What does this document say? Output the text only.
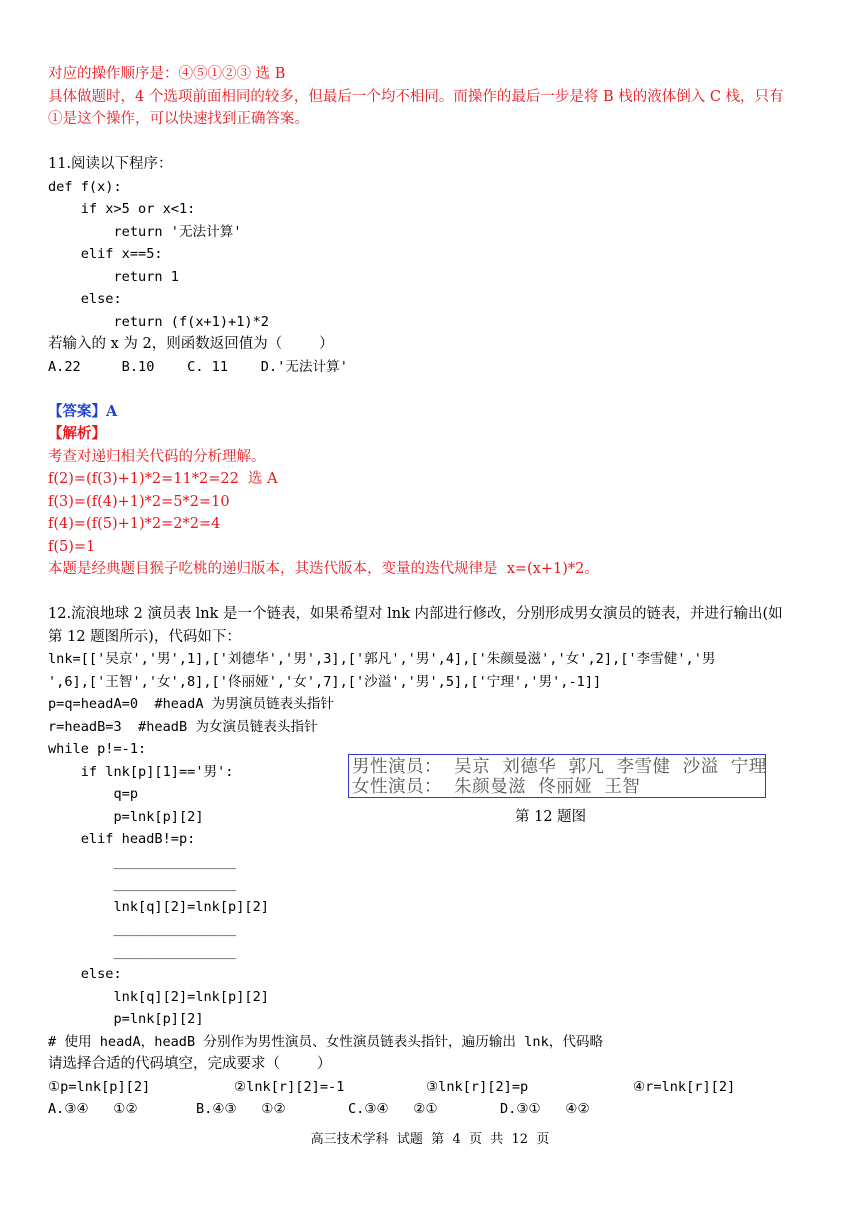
对应的操作顺序是：④⑤①②③ 选 B
具体做题时，4 个选项前面相同的较多，但最后一个均不相同。而操作的最后一步是将 B 栈的液体倒入 C 栈，只有
①是这个操作，可以快速找到正确答案。
11.阅读以下程序：
def f(x):
if x>5 or x<1:
return '无法计算'
elif x==5:
return 1
else:
return (f(x+1)+1)*2
若输入的 x 为 2，则函数返回值为（        ）
A.22     B.10    C. 11    D.'无法计算'
【答案】A
【解析】
考查对递归相关代码的分析理解。
f(2)=(f(3)+1)*2=11*2=22  选 A
f(3)=(f(4)+1)*2=5*2=10
f(4)=(f(5)+1)*2=2*2=4
f(5)=1
本题是经典题目猴子吃桃的递归版本，其迭代版本，变量的迭代规律是  x=(x+1)*2。
12.流浪地球 2 演员表 lnk 是一个链表，如果希望对 lnk 内部进行修改，分别形成男女演员的链表，并进行输出(如
第 12 题图所示)，代码如下：
lnk=[['吴京','男',1],['刘德华','男',3],['郭凡','男',4],['朱颜曼滋','女',2],['李雪健','男
',6],['王智','女',8],['佟丽娅','女',7],['沙溢','男',5],['宁理','男',-1]]
p=q=headA=0  #headA 为男演员链表头指针
r=headB=3  #headB 为女演员链表头指针
while p!=-1:
if lnk[p][1]=='男':
q=p
p=lnk[p][2]
elif headB!=p:
_______________
_______________
lnk[q][2]=lnk[p][2]
_______________
_______________
else:
lnk[q][2]=lnk[p][2]
p=lnk[p][2]
# 使用 headA，headB 分别作为男性演员、女性演员链表头指针，遍历输出 lnk，代码略
请选择合适的代码填空，完成要求（        ）
①p=lnk[p][2]	②lnk[r][2]=-1	③lnk[r][2]=p	④r=lnk[r][2]
A.③④   ①②	B.④③   ①②	C.③④   ②①	D.③①   ④②
男性演员：  吴京  刘德华  郭凡  李雪健  沙溢  宁理
女性演员：  朱颜曼滋  佟丽娅  王智
第 12 题图
高三技术学科  试题  第  4  页  共  12  页
